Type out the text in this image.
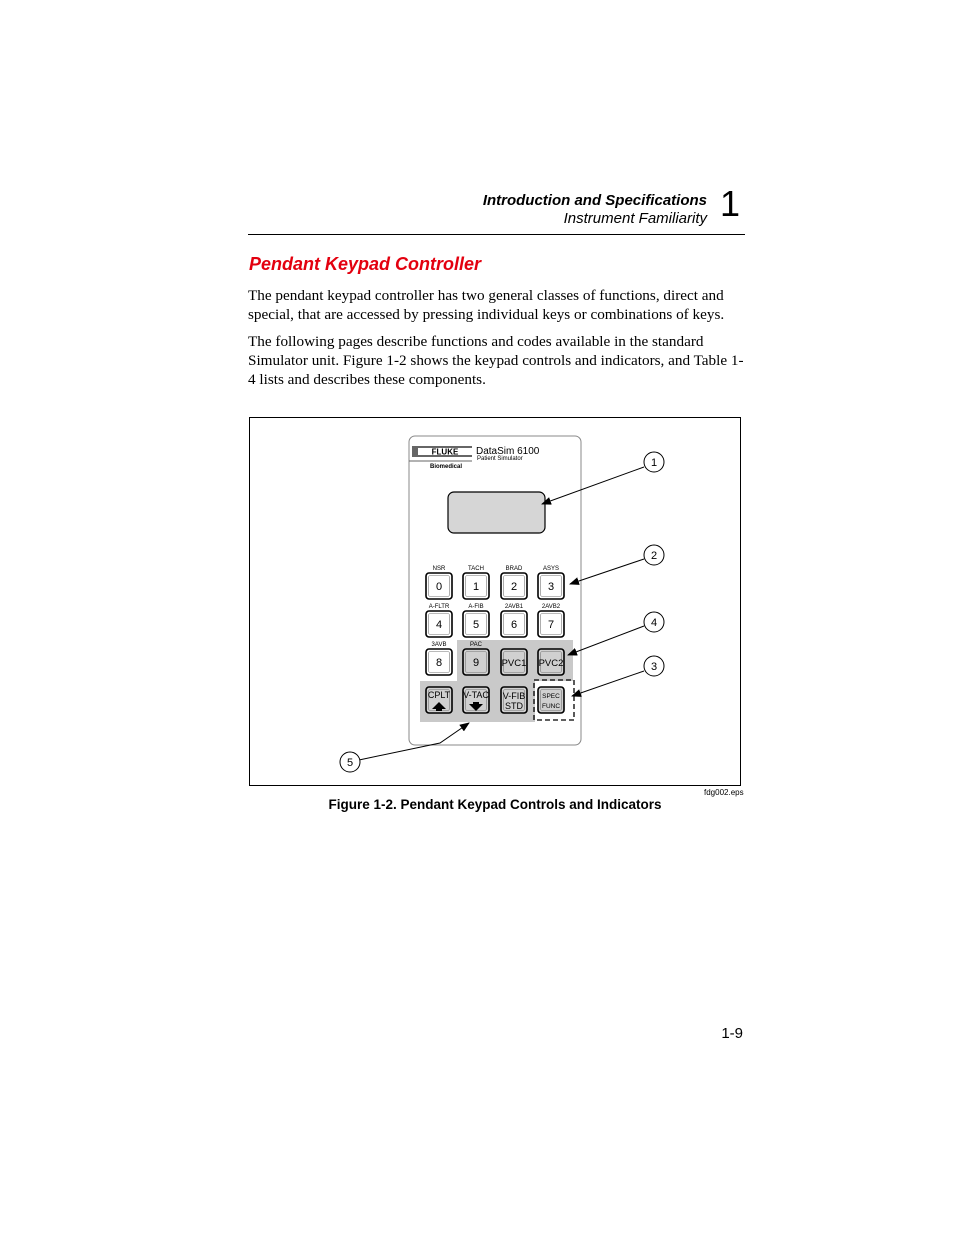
Introduction and Specifications
Instrument Familiarity 1
Pendant Keypad Controller

The pendant keypad controller has two general classes of functions, direct and special, that are accessed by pressing individual keys or combinations of keys.

The following pages describe functions and codes available in the standard Simulator unit. Figure 1-2 shows the keypad controls and indicators, and Table 1-4 lists and describes these components.

FLUKE
Biomedical
DataSim 6100
Patient Simulator
0
NSR
1
TACH
2
BRAD
3
ASYS
4
A-FLTR
5
A-FIB
6
2AVB1
7
2AVB2
8
3AVB
9
PAC
PVC1 PVC2
CPLT V-TAC V-FIB
STD
SPEC
FUNC
1
2
4
3
5
fdg002.eps
Figure 1-2. Pendant Keypad Controls and Indicators
1-9
